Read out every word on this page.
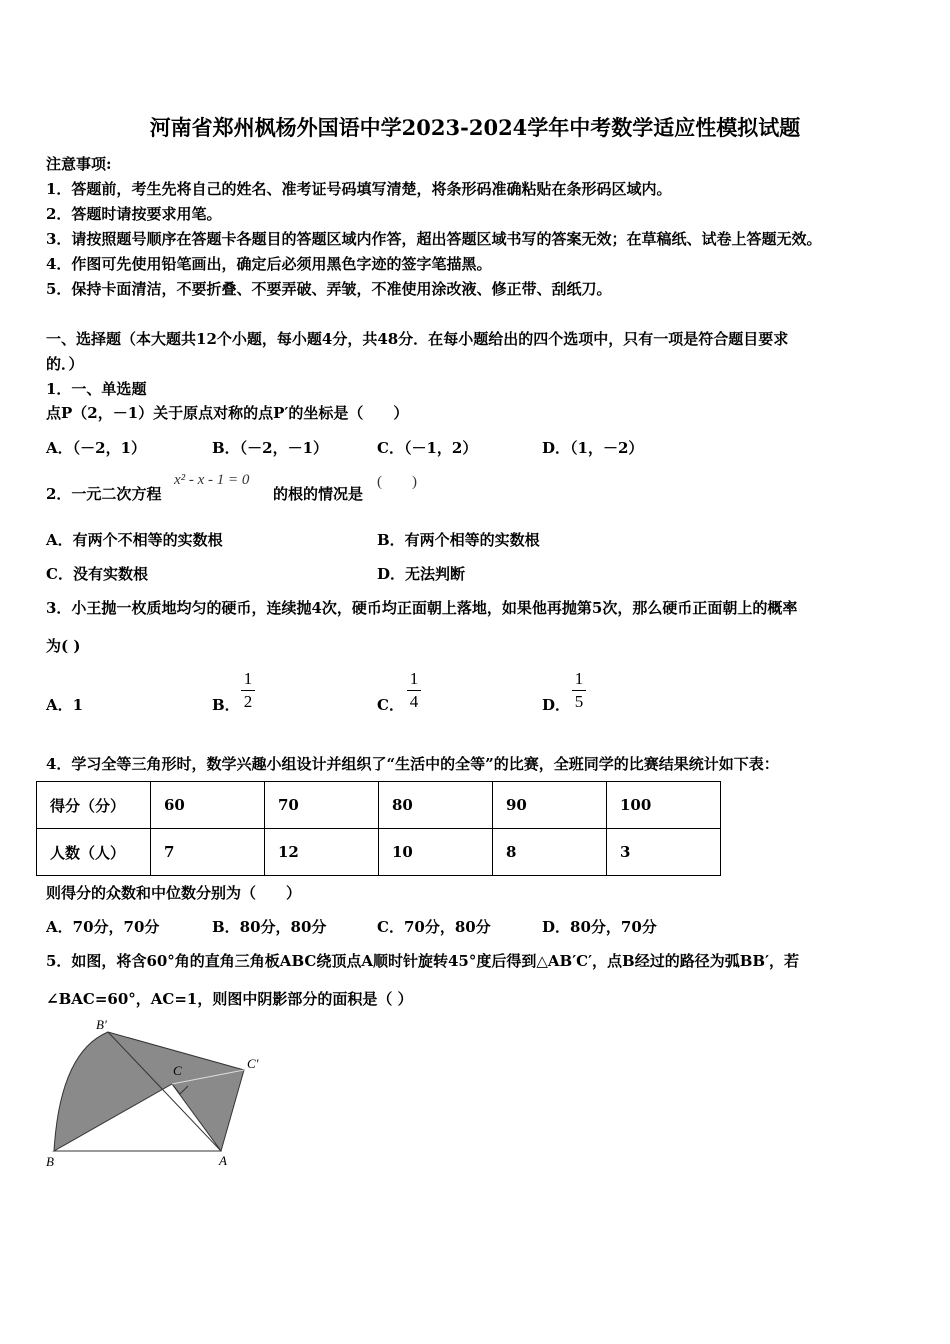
河南省郑州枫杨外国语中学2023-2024学年中考数学适应性模拟试题
注意事项:
1．答题前，考生先将自己的姓名、准考证号码填写清楚，将条形码准确粘贴在条形码区域内。
2．答题时请按要求用笔。
3．请按照题号顺序在答题卡各题目的答题区域内作答，超出答题区域书写的答案无效；在草稿纸、试卷上答题无效。
4．作图可先使用铅笔画出，确定后必须用黑色字迹的签字笔描黑。
5．保持卡面清洁，不要折叠、不要弄破、弄皱，不准使用涂改液、修正带、刮纸刀。
一、选择题（本大题共12个小题，每小题4分，共48分．在每小题给出的四个选项中，只有一项是符合题目要求
的．）
1．一、单选题
点P（2，－1）关于原点对称的点P′的坐标是（　　）
A．（－2，1）	B．（－2，－1）	C．（－1，2）	D．（1，－2）
2．一元二次方程
x² - x - 1 = 0
的根的情况是
(　　)
A．有两个不相等的实数根	B．有两个相等的实数根
C．没有实数根	D．无法判断
3．小王抛一枚质地均匀的硬币，连续抛4次，硬币均正面朝上落地，如果他再抛第5次，那么硬币正面朝上的概率
为( )
A．1	B．
1
2	C．
1
4	D．
1
5
4．学习全等三角形时，数学兴趣小组设计并组织了“生活中的全等”的比赛，全班同学的比赛结果统计如下表：
得分（分）	60	70	80	90	100
人数（人）	7	12	10	8	3
则得分的众数和中位数分别为（　　）
A．70分，70分	B．80分，80分	C．70分，80分	D．80分，70分
5．如图，将含60°角的直角三角板ABC绕顶点A顺时针旋转45°度后得到△AB′C′，点B经过的路径为弧BB′，若
∠BAC=60°，AC=1，则图中阴影部分的面积是（ ）
B′
C′
C
B	A
